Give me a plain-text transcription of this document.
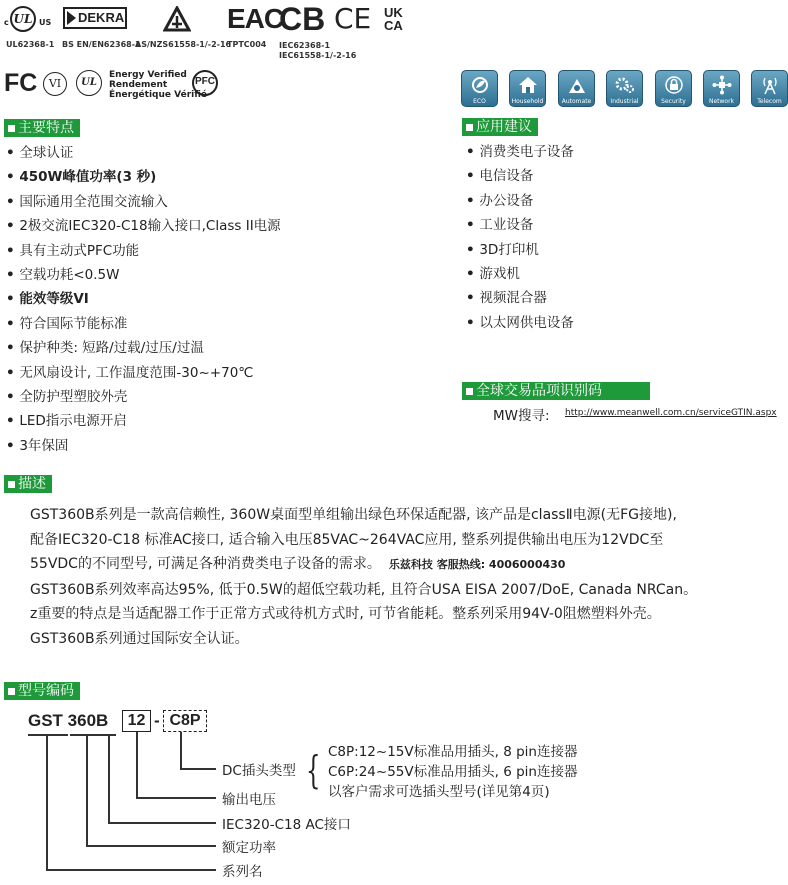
UL
c	US
UL62368-1
DEKRA
BS EN/EN62368-1
AS/NZS61558-1/-2-16
EAC
TPTC004
CB
IEC62368-1
IEC61558-1/-2-16
CE UKCA
FC	VI	UL
Energy Verified
Rendement
Énergétique Vérifié
PFC
ECO	Household	Automate	Industrial	Security	Network	Telecom
主要特点
• 全球认证
• 450W峰值功率(3 秒)
• 国际通用全范围交流输入
• 2极交流IEC320-C18输入接口,Class II电源
• 具有主动式PFC功能
• 空载功耗<0.5W
• 能效等级VI
• 符合国际节能标准
• 保护种类: 短路/过载/过压/过温
• 无风扇设计, 工作温度范围-30~+70℃
• 全防护型塑胶外壳
• LED指示电源开启
• 3年保固
应用建议
• 消费类电子设备
• 电信设备
• 办公设备
• 工业设备
• 3D打印机
• 游戏机
• 视频混合器
• 以太网供电设备
全球交易品项识别码
MW搜寻: http://www.meanwell.com.cn/serviceGTIN.aspx
描述
GST360B系列是一款高信赖性, 360W桌面型单组输出绿色环保适配器, 该产品是classⅡ电源(无FG接地),
配备IEC320-C18 标准AC接口, 适合输入电压85VAC~264VAC应用, 整系列提供输出电压为12VDC至
55VDC的不同型号, 可满足各种消费类电子设备的需求。 乐兹科技 客服热线: 4006000430
GST360B系列效率高达95%, 低于0.5W的超低空载功耗, 且符合USA EISA 2007/DoE, Canada NRCan。
z重要的特点是当适配器工作于正常方式或待机方式时, 可节省能耗。整系列采用94V-0阻燃塑料外壳。
GST360B系列通过国际安全认证。
型号编码
GST 360B	12 - C8P
DC插头类型 { C8P:12~15V标准品用插头, 8 pin连接器
C6P:24~55V标准品用插头, 6 pin连接器
以客户需求可选插头型号(详见第4页)
输出电压
IEC320-C18 AC接口
额定功率
系列名
